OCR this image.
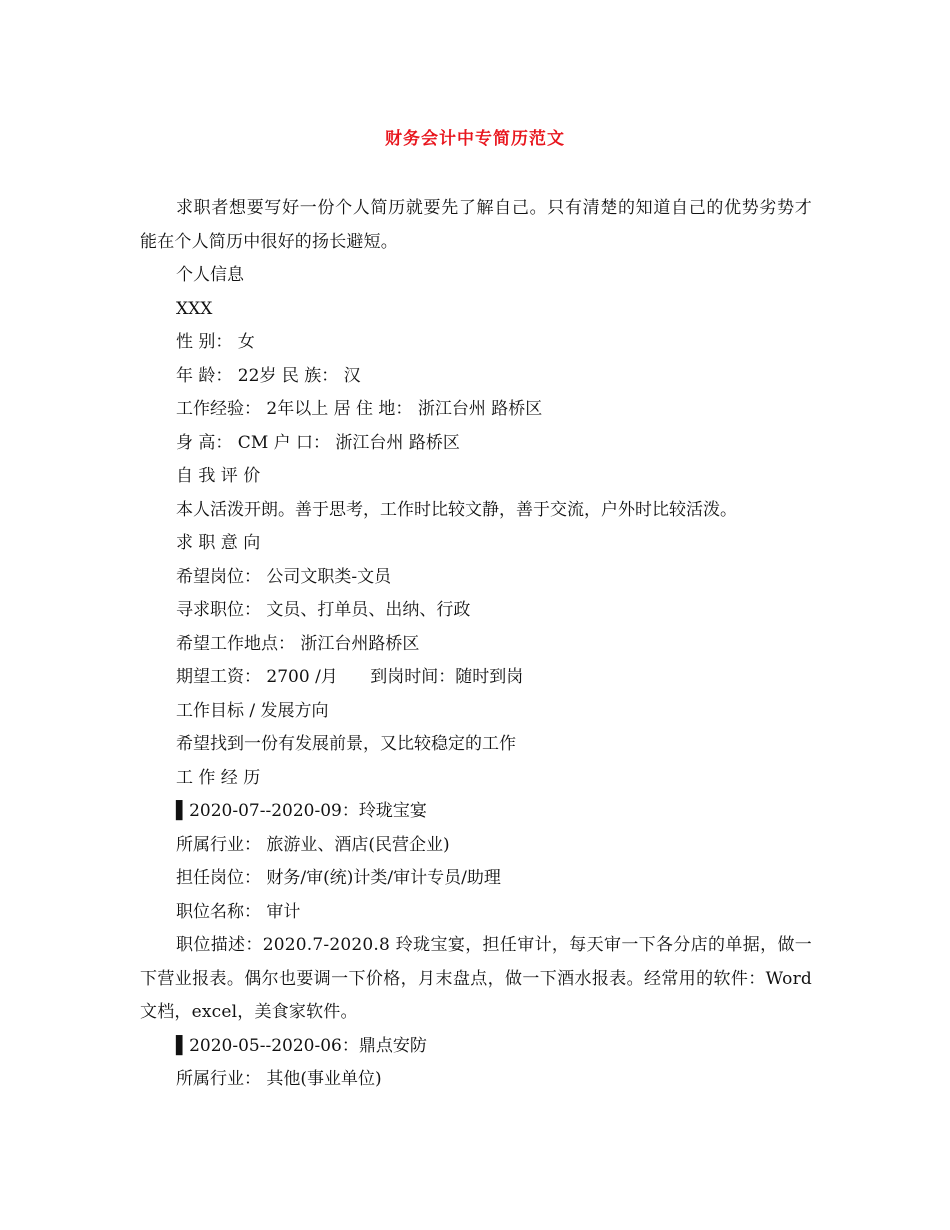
财务会计中专简历范文
求职者想要写好一份个人简历就要先了解自己。只有清楚的知道自己的优势劣势才能在个人简历中很好的扬长避短。
个人信息
XXX
性 别： 女
年 龄： 22岁 民 族： 汉
工作经验： 2年以上 居 住 地： 浙江台州 路桥区
身 高： CM 户 口： 浙江台州 路桥区
自 我 评 价
本人活泼开朗。善于思考，工作时比较文静，善于交流，户外时比较活泼。
求 职 意 向
希望岗位： 公司文职类-文员
寻求职位： 文员、打单员、出纳、行政
希望工作地点： 浙江台州路桥区
期望工资： 2700 /月      到岗时间：随时到岗
工作目标 / 发展方向
希望找到一份有发展前景，又比较稳定的工作
工 作 经 历
▌2020-07--2020-09：玲珑宝宴
所属行业： 旅游业、酒店(民营企业)
担任岗位： 财务/审(统)计类/审计专员/助理
职位名称： 审计
职位描述：2020.7-2020.8 玲珑宝宴，担任审计，每天审一下各分店的单据，做一下营业报表。偶尔也要调一下价格，月末盘点，做一下酒水报表。经常用的软件：Word文档，excel，美食家软件。
▌2020-05--2020-06：鼎点安防
所属行业： 其他(事业单位)
